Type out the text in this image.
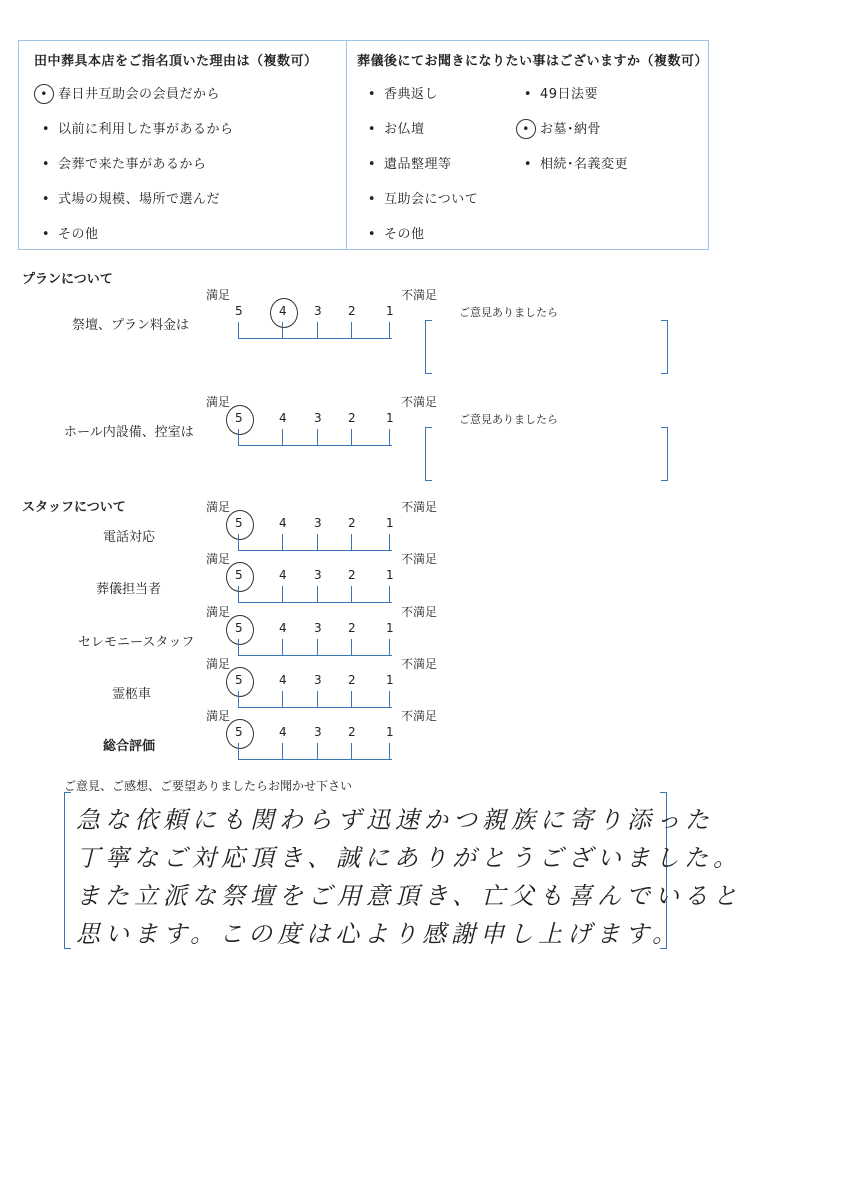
田中葬具本店をご指名頂いた理由は（複数可）
• 春日井互助会の会員だから
• 以前に利用した事があるから
• 会葬で来た事があるから
• 式場の規模、場所で選んだ
• その他
葬儀後にてお聞きになりたい事はございますか（複数可）
• 香典返し
• お仏壇
• 遺品整理等
• 互助会について
• その他
• 49日法要
• お墓･納骨
• 相続･名義変更
プランについて
満足	不満足
5	4 3 2	1
祭壇、プラン料金は
ご意見ありましたら
満足	不満足
5	4 3 2	1
ホール内設備、控室は
ご意見ありましたら
スタッフについて	満足	不満足
5	4 3 2	1
電話対応
満足	不満足
5	4 3 2	1
葬儀担当者
満足	不満足
5	4 3 2	1
セレモニースタッフ
満足	不満足
5	4 3 2	1
霊柩車
満足	不満足
5	4 3 2	1
総合評価
ご意見、ご感想、ご要望ありましたらお聞かせ下さい
急な依頼にも関わらず迅速かつ親族に寄り添った
丁寧なご対応頂き、誠にありがとうございました。
また立派な祭壇をご用意頂き、亡父も喜んでいると
思います。この度は心より感謝申し上げます。
